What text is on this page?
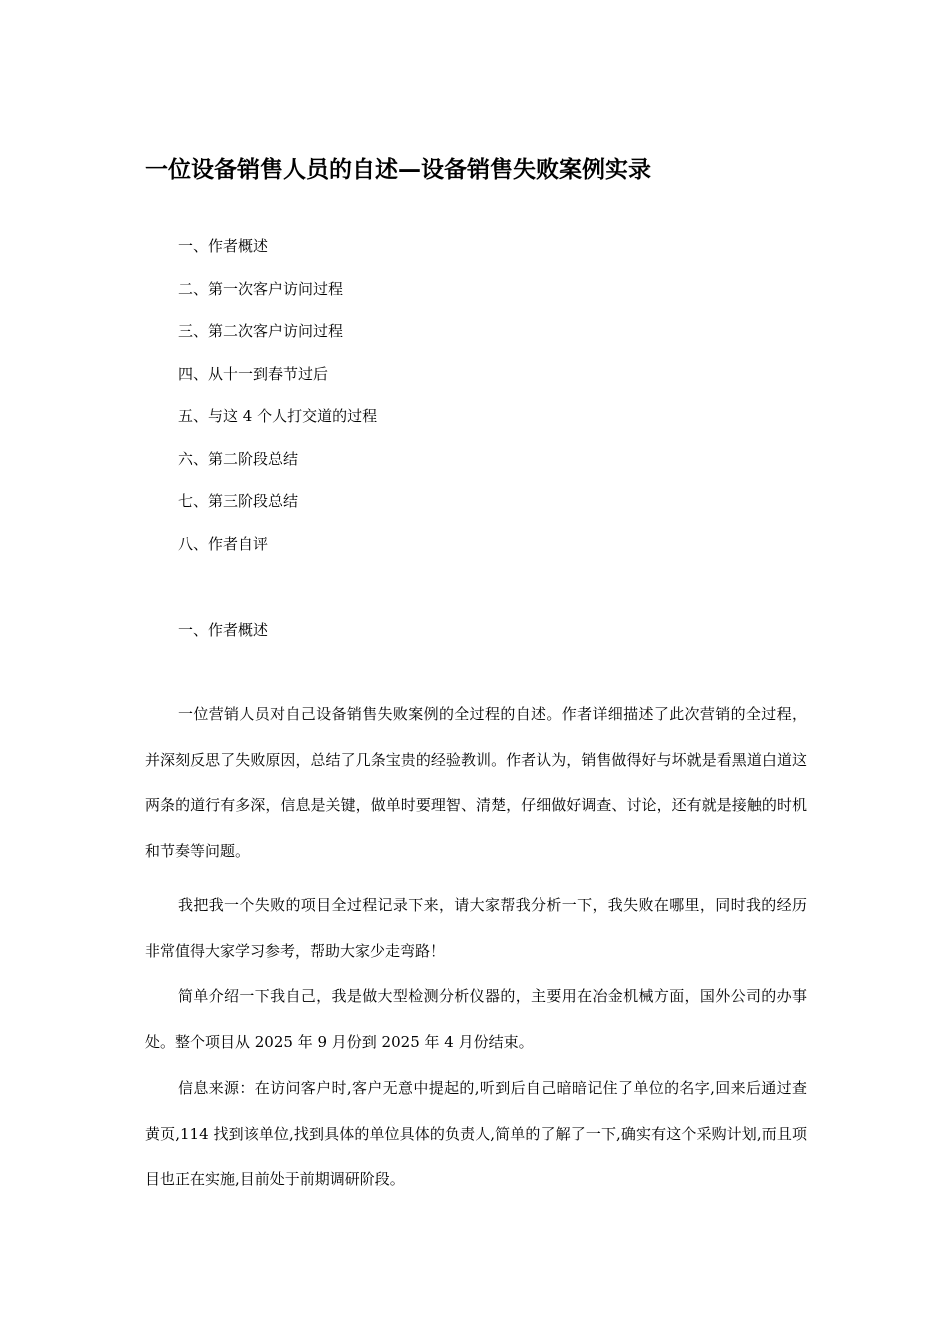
一位设备销售人员的自述—设备销售失败案例实录
一、作者概述
二、第一次客户访问过程
三、第二次客户访问过程
四、从十一到春节过后
五、与这 4 个人打交道的过程
六、第二阶段总结
七、第三阶段总结
八、作者自评
一、作者概述

一位营销人员对自己设备销售失败案例的全过程的自述。作者详细描述了此次营销的全过程，并深刻反思了失败原因，总结了几条宝贵的经验教训。作者认为，销售做得好与坏就是看黑道白道这两条的道行有多深，信息是关键，做单时要理智、清楚，仔细做好调查、讨论，还有就是接触的时机和节奏等问题。

我把我一个失败的项目全过程记录下来，请大家帮我分析一下，我失败在哪里，同时我的经历非常值得大家学习参考，帮助大家少走弯路！

简单介绍一下我自己，我是做大型检测分析仪器的，主要用在冶金机械方面，国外公司的办事处。整个项目从 2025 年 9 月份到 2025 年 4 月份结束。

信息来源：在访问客户时,客户无意中提起的,听到后自己暗暗记住了单位的名字,回来后通过查黄页,114 找到该单位,找到具体的单位具体的负责人,简单的了解了一下,确实有这个采购计划,而且项目也正在实施,目前处于前期调研阶段。
